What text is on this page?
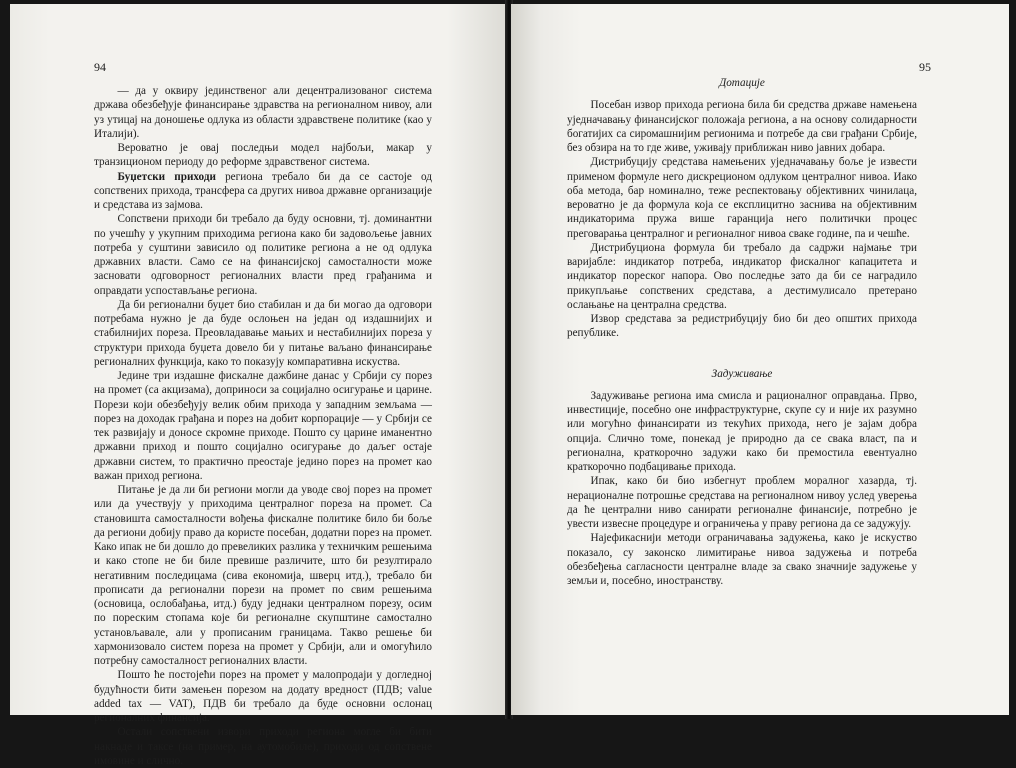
94

— да у оквиру јединственог али децентрализованог система држава обезбеђује финансирање здравства на регионалном нивоу, али уз утицај на доношење одлука из области здравствене политике (као у Италији).

Вероватно је овај последњи модел најбољи, макар у транзиционом периоду до реформе здравственог система.

Буџетски приходи региона требало би да се састоје од сопствених прихода, трансфера са других нивоа државне организације и средстава из зајмова.

Сопствени приходи би требало да буду основни, тј. доминантни по учешћу у укупним приходима региона како би задовољење јавних потреба у суштини зависило од политике региона а не од одлука државних власти. Само се на финансијској самосталности може засновати одговорност регионалних власти пред грађанима и оправдати успостављање региона.

Да би регионални буџет био стабилан и да би могао да одговори потребама нужно је да буде ослоњен на један од издашнијих и стабилнијих пореза. Преовладавање мањих и нестабилнијих пореза у структури прихода буџета довело би у питање ваљано финансирање регионалних функција, како то показују компаративна искуства.

Једине три издашне фискалне дажбине данас у Србији су порез на промет (са акцизама), доприноси за социјално осигурање и царине. Порези који обезбеђују велик обим прихода у западним земљама — порез на доходак грађана и порез на добит корпорације — у Србији се тек развијају и доносе скромне приходе. Пошто су царине иманентно државни приход и пошто социјално осигурање до даљег остаје државни систем, то практично преостаје једино порез на промет као важан приход региона.

Питање је да ли би региони могли да уводе свој порез на промет или да учествују у приходима централног пореза на промет. Са становишта самосталности вођења фискалне политике било би боље да региони добију право да користе посебан, додатни порез на промет. Како ипак не би дошло до превеликих разлика у техничким решењима и како стопе не би биле превише различите, што би резултирало негативним последицама (сива економија, шверц итд.), требало би прописати да регионални порези на промет по свим решењима (основица, ослобађања, итд.) буду једнаки централном порезу, осим по пореским стопама које би регионалне скупштине самостално установљавале, али у прописаним границама. Такво решење би хармонизовало систем пореза на промет у Србији, али и омогућило потребну самосталност регионалних власти.

Пошто ће постојећи порез на промет у малопродаји у догледној будућности бити замењен порезом на додату вредност (ПДВ; value added tax — VAT), ПДВ би требало да буде основни ослонац регионалних финансија.

Остали сопствени извори приходи региона могле би бити накнаде и таксе (на пример, на аутомобиле), приходи од сопствене имовине и слично.

95

Дотације

Посебан извор прихода региона била би средства државе намењена уједначавању финансијског положаја региона, а на основу солидарности богатијих са сиромашнијим регионима и потребе да сви грађани Србије, без обзира на то где живе, уживају приближан ниво јавних добара.

Дистрибуцију средстава намењених уједначавању боље је извести применом формуле него дискреционом одлуком централног нивоа. Иако оба метода, бар номинално, теже респектовању објективних чинилаца, вероватно је да формула која се експлицитно заснива на објективним индикаторима пружа више гаранција него политички процес преговарања централног и регионалног нивоа сваке године, па и чешће.

Дистрибуциона формула би требало да садржи најмање три варијабле: индикатор потреба, индикатор фискалног капацитета и индикатор пореског напора. Ово последње зато да би се наградило прикупљање сопствених средстава, а дестимулисало претерано ослањање на централна средства.

Извор средстава за редистрибуцију био би део општих прихода републике.

Задуживање

Задуживање региона има смисла и рационалног оправдања. Прво, инвестиције, посебно оне инфраструктурне, скупе су и није их разумно или могућно финансирати из текућих прихода, него је зајам добра опција. Слично томе, понекад је природно да се свака власт, па и регионална, краткорочно задужи како би премостила евентуално краткорочно подбацивање прихода.

Ипак, како би био избегнут проблем моралног хазарда, тј. нерационалне потрошње средстава на регионалном нивоу услед уверења да ће централни ниво санирати регионалне финансије, потребно је увести извесне процедуре и ограничења у праву региона да се задужују.

Најефикаснији методи ограничавања задужења, како је искуство показало, су законско лимитирање нивоа задужења и потреба обезбеђења сагласности централне владе за свако значније задужење у земљи и, посебно, иностранству.
